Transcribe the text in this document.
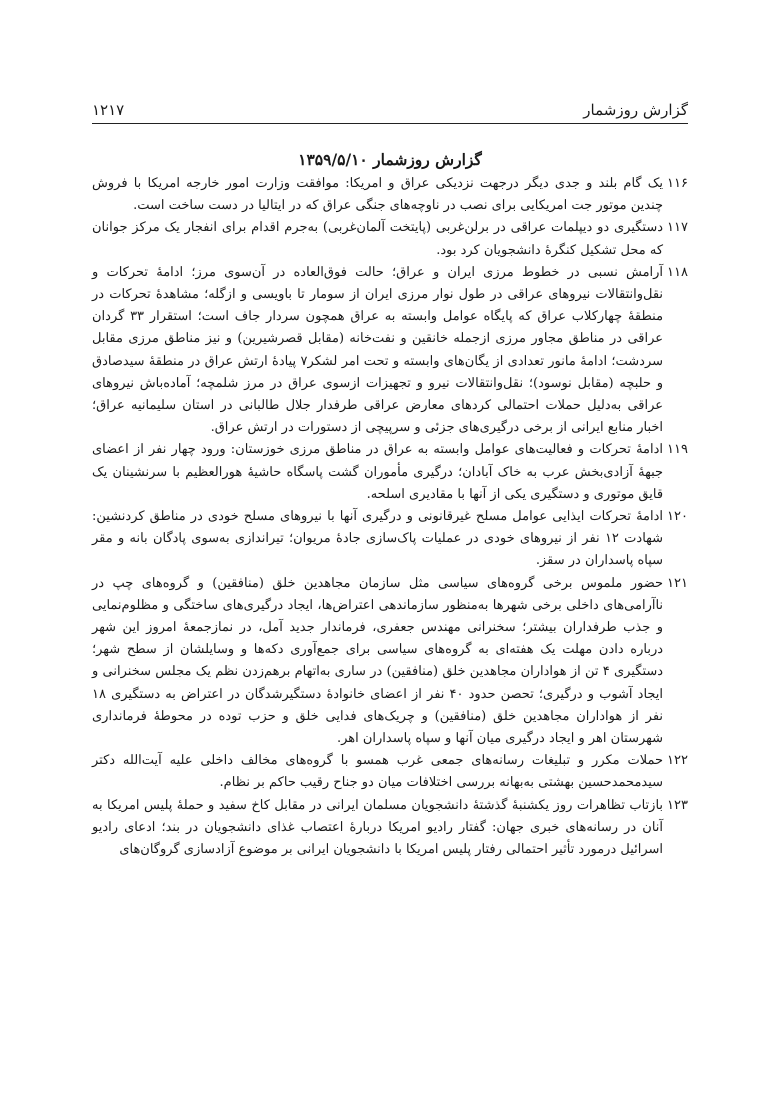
گزارش روزشمار
۱۲۱۷
گزارش روزشمار ۱۳۵۹/۵/۱۰
۱۱۶
یک گام بلند و جدی دیگر درجهت نزدیکی عراق و امریکا: موافقت وزارت امور خارجه امریکا با فروش چندین موتور جت امریکایی برای نصب در ناوچه‌های جنگی عراق که در ایتالیا در دست ساخت است.
۱۱۷
دستگیری دو دیپلمات عراقی در برلن‌غربی (پایتخت آلمان‌غربی) به‌جرم اقدام برای انفجار یک مرکز جوانان که محل تشکیل کنگرهٔ دانشجویان کرد بود.
۱۱۸
آرامش نسبی در خطوط مرزی ایران و عراق؛ حالت فوق‌العاده در آن‌سوی مرز؛ ادامهٔ تحرکات و نقل‌وانتقالات نیروهای عراقی در طول نوار مرزی ایران از سومار تا باویسی و ازگله؛ مشاهدهٔ تحرکات در منطقهٔ چهارکلاب عراق که پایگاه عوامل وابسته به عراق همچون سردار جاف است؛ استقرار ۳۳ گردان عراقی در مناطق مجاور مرزی ازجمله خانقین و نفت‌خانه (مقابل قصرشیرین) و نیز مناطق مرزی مقابل سردشت؛ ادامهٔ مانور تعدادی از یگان‌های وابسته و تحت امر لشکر۷ پیادهٔ ارتش عراق در منطقهٔ سیدصادق و حلبچه (مقابل نوسود)؛ نقل‌وانتقالات نیرو و تجهیزات ازسوی عراق در مرز شلمچه؛ آماده‌باش نیروهای عراقی به‌دلیل حملات احتمالی کردهای معارض عراقی طرفدار جلال طالبانی در استان سلیمانیه عراق؛ اخبار منابع ایرانی از برخی درگیری‌های جزئی و سرپیچی از دستورات در ارتش عراق.
۱۱۹
ادامهٔ تحرکات و فعالیت‌های عوامل وابسته به عراق در مناطق مرزی خوزستان: ورود چهار نفر از اعضای جبههٔ آزادی‌بخش عرب به خاک آبادان؛ درگیری مأموران گشت پاسگاه حاشیهٔ هورالعظیم با سرنشینان یک قایق موتوری و دستگیری یکی از آنها با مقادیری اسلحه.
۱۲۰
ادامهٔ تحرکات ایذایی عوامل مسلح غیرقانونی و درگیری آنها با نیروهای مسلح خودی در مناطق کردنشین: شهادت ۱۲ نفر از نیروهای خودی در عملیات پاک‌سازی جادهٔ مریوان؛ تیراندازی به‌سوی پادگان بانه و مقر سپاه پاسداران در سقز.
۱۲۱
حضور ملموس برخی گروه‌های سیاسی مثل سازمان مجاهدین خلق (منافقین) و گروه‌های چپ در ناآرامی‌های داخلی برخی شهرها به‌منظور سازماندهی اعتراض‌ها، ایجاد درگیری‌های ساختگی و مظلوم‌نمایی و جذب طرفداران بیشتر؛ سخنرانی مهندس جعفری، فرماندار جدید آمل، در نمازجمعهٔ امروز این شهر درباره دادن مهلت یک هفته‌ای به گروه‌های سیاسی برای جمع‌آوری دکه‌ها و وسایلشان از سطح شهر؛ دستگیری ۴ تن از هواداران مجاهدین خلق (منافقین) در ساری به‌اتهام برهم‌زدن نظم یک مجلس سخنرانی و ایجاد آشوب و درگیری؛ تحصن حدود ۴۰ نفر از اعضای خانوادهٔ دستگیرشدگان در اعتراض به دستگیری ۱۸ نفر از هواداران مجاهدین خلق (منافقین) و چریک‌های فدایی خلق و حزب توده در محوطهٔ فرمانداری شهرستان اهر و ایجاد درگیری میان آنها و سپاه پاسداران اهر.
۱۲۲
حملات مکرر و تبلیغات رسانه‌های جمعی غرب همسو با گروه‌های مخالف داخلی علیه آیت‌الله دکتر سیدمحمدحسین بهشتی به‌بهانه بررسی اختلافات میان دو جناح رقیب حاکم بر نظام.
۱۲۳
بازتاب تظاهرات روز یکشنبهٔ گذشتهٔ دانشجویان مسلمان ایرانی در مقابل کاخ سفید و حملهٔ پلیس امریکا به آنان در رسانه‌های خبری جهان: گفتار رادیو امریکا دربارهٔ اعتصاب غذای دانشجویان در بند؛ ادعای رادیو اسرائیل درمورد تأثیر احتمالی رفتار پلیس امریکا با دانشجویان ایرانی بر موضوع آزادسازی گروگان‌های
